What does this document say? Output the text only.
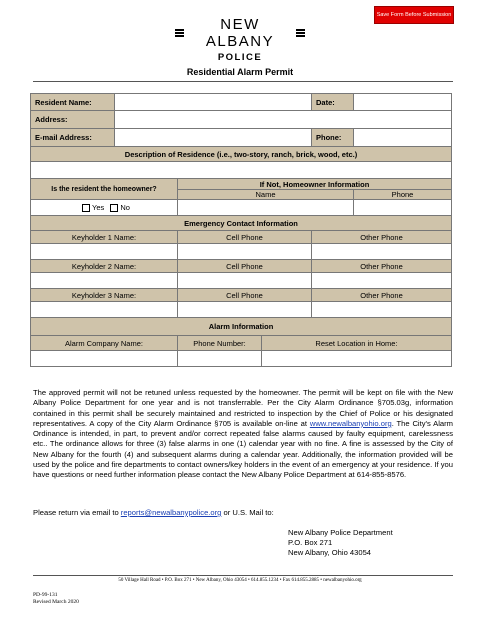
Save Form Before Submission
NEW ALBANY
POLICE
Residential Alarm Permit
Resident Name:				Date:	
Address:					
E-mail Address:				Phone:	
Description of Residence (i.e., two-story, ranch, brick, wood, etc.)					

Is the resident the homeowner?		If Not, Homeowner Information			
		Name			Phone
Yes No					
Emergency Contact Information					
Keyholder 1 Name:		Cell Phone		Other Phone	

Keyholder 2 Name:		Cell Phone		Other Phone	

Keyholder 3 Name:		Cell Phone		Other Phone	

Alarm Information					
Alarm Company Name:		Phone Number:	Reset Location in Home:		

The approved permit will not be retuned unless requested by the homeowner. The permit will be kept on file with the New Albany Police Department for one year and is not transferrable. Per the City Alarm Ordinance §705.03g, information contained in this permit shall be securely maintained and restricted to inspection by the Chief of Police or his designated representatives. A copy of the City Alarm Ordinance §705 is available on-line at www.newalbanyohio.org. The City's Alarm Ordinance is intended, in part, to prevent and/or correct repeated false alarms caused by faulty equipment, carelessness etc.. The ordinance allows for three (3) false alarms in one (1) calendar year with no fine. A fine is assessed by the City of New Albany for the fourth (4) and subsequent alarms during a calendar year. Additionally, the information provided will be used by the police and fire departments to contact owners/key holders in the event of an emergency at your residence. If you have questions or need further information please contact the New Albany Police Department at 614-855-8576.
Please return via email to reports@newalbanypolice.org or U.S. Mail to:
New Albany Police Department
P.O. Box 271
New Albany, Ohio 43054
50 Village Hall Road • P.O. Box 271 • New Albany, Ohio 43054 • 614.855.1234 • Fax 614.855.2885 • newalbanyohio.org
PD-99-131
Revised March 2020
